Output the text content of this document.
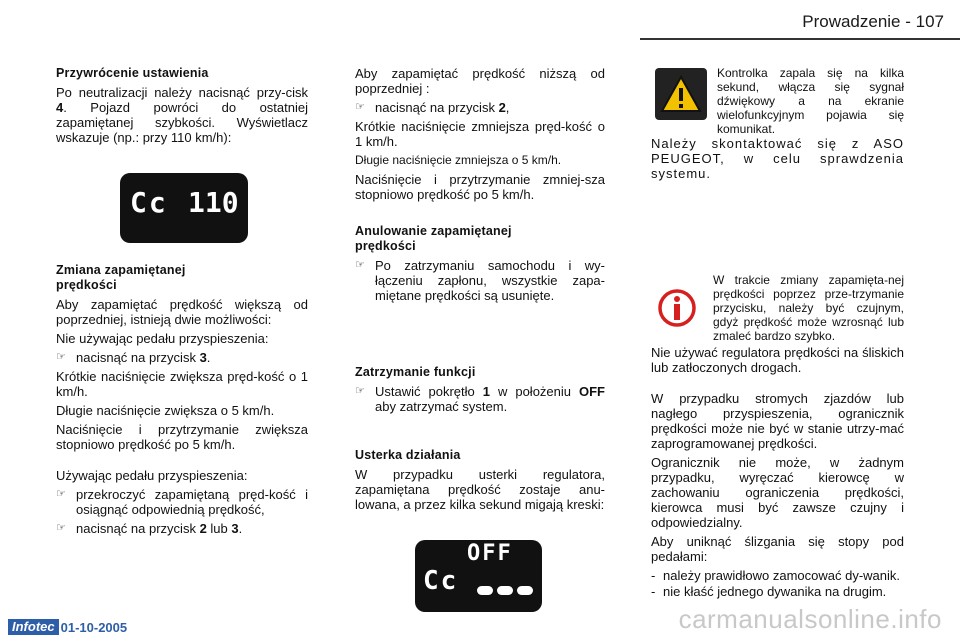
Prowadzenie - 107
Przywrócenie ustawienia

Po neutralizacji należy nacisnąć przy-cisk 4. Pojazd powróci do ostatniej zapamiętanej szybkości. Wyświetlacz wskazuje (np.: przy 110 km/h):

Cc 110
Zmiana zapamiętanej prędkości

Aby zapamiętać prędkość większą od poprzedniej, istnieją dwie możliwości:

Nie używając pedału przyspieszenia:

☞ nacisnąć na przycisk 3.

Krótkie naciśnięcie zwiększa pręd-kość o 1 km/h.

Długie naciśnięcie zwiększa o 5 km/h.

Naciśnięcie i przytrzymanie zwiększa stopniowo prędkość po 5 km/h.

Używając pedału przyspieszenia:

☞ przekroczyć zapamiętaną pręd-kość i osiągnąć odpowiednią prędkość,
☞ nacisnąć na przycisk 2 lub 3.

Aby zapamiętać prędkość niższą od poprzedniej :

☞ nacisnąć na przycisk 2,

Krótkie naciśnięcie zmniejsza pręd-kość o 1 km/h.

Długie naciśnięcie zmniejsza o 5 km/h.

Naciśnięcie i przytrzymanie zmniej-sza stopniowo prędkość po 5 km/h.

Anulowanie zapamiętanej prędkości
☞ Po zatrzymaniu samochodu i wy-łączeniu zapłonu, wszystkie zapa-miętane prędkości są usunięte.
Zatrzymanie funkcji
☞ Ustawić pokrętło 1 w położeniu OFF aby zatrzymać system.
Usterka działania

W przypadku usterki regulatora, zapamiętana prędkość zostaje anu-lowana, a przez kilka sekund migają kreski:

OFF
Cc
Kontrolka zapala się na kilka sekund, włącza się sygnał dźwiękowy a na ekranie wielofunkcyjnym pojawia się komunikat.

Należy skontaktować się z ASO PEUGEOT, w celu sprawdzenia systemu.

W trakcie zmiany zapamięta-nej prędkości poprzez prze-trzymanie przycisku, należy być czujnym, gdyż prędkość może wzrosnąć lub zmaleć bardzo szybko.

Nie używać regulatora prędkości na śliskich lub zatłoczonych drogach.

W przypadku stromych zjazdów lub nagłego przyspieszenia, ogranicznik prędkości może nie być w stanie utrzy-mać zaprogramowanej prędkości.

Ogranicznik nie może, w żadnym przypadku, wyręczać kierowcę w zachowaniu ograniczenia prędkości, kierowca musi być zawsze czujny i odpowiedzialny.

Aby uniknąć ślizgania się stopy pod pedałami:

- należy prawidłowo zamocować dy-wanik.
- nie kłaść jednego dywanika na drugim.
Infotec 01-10-2005	carmanualsonline.info
